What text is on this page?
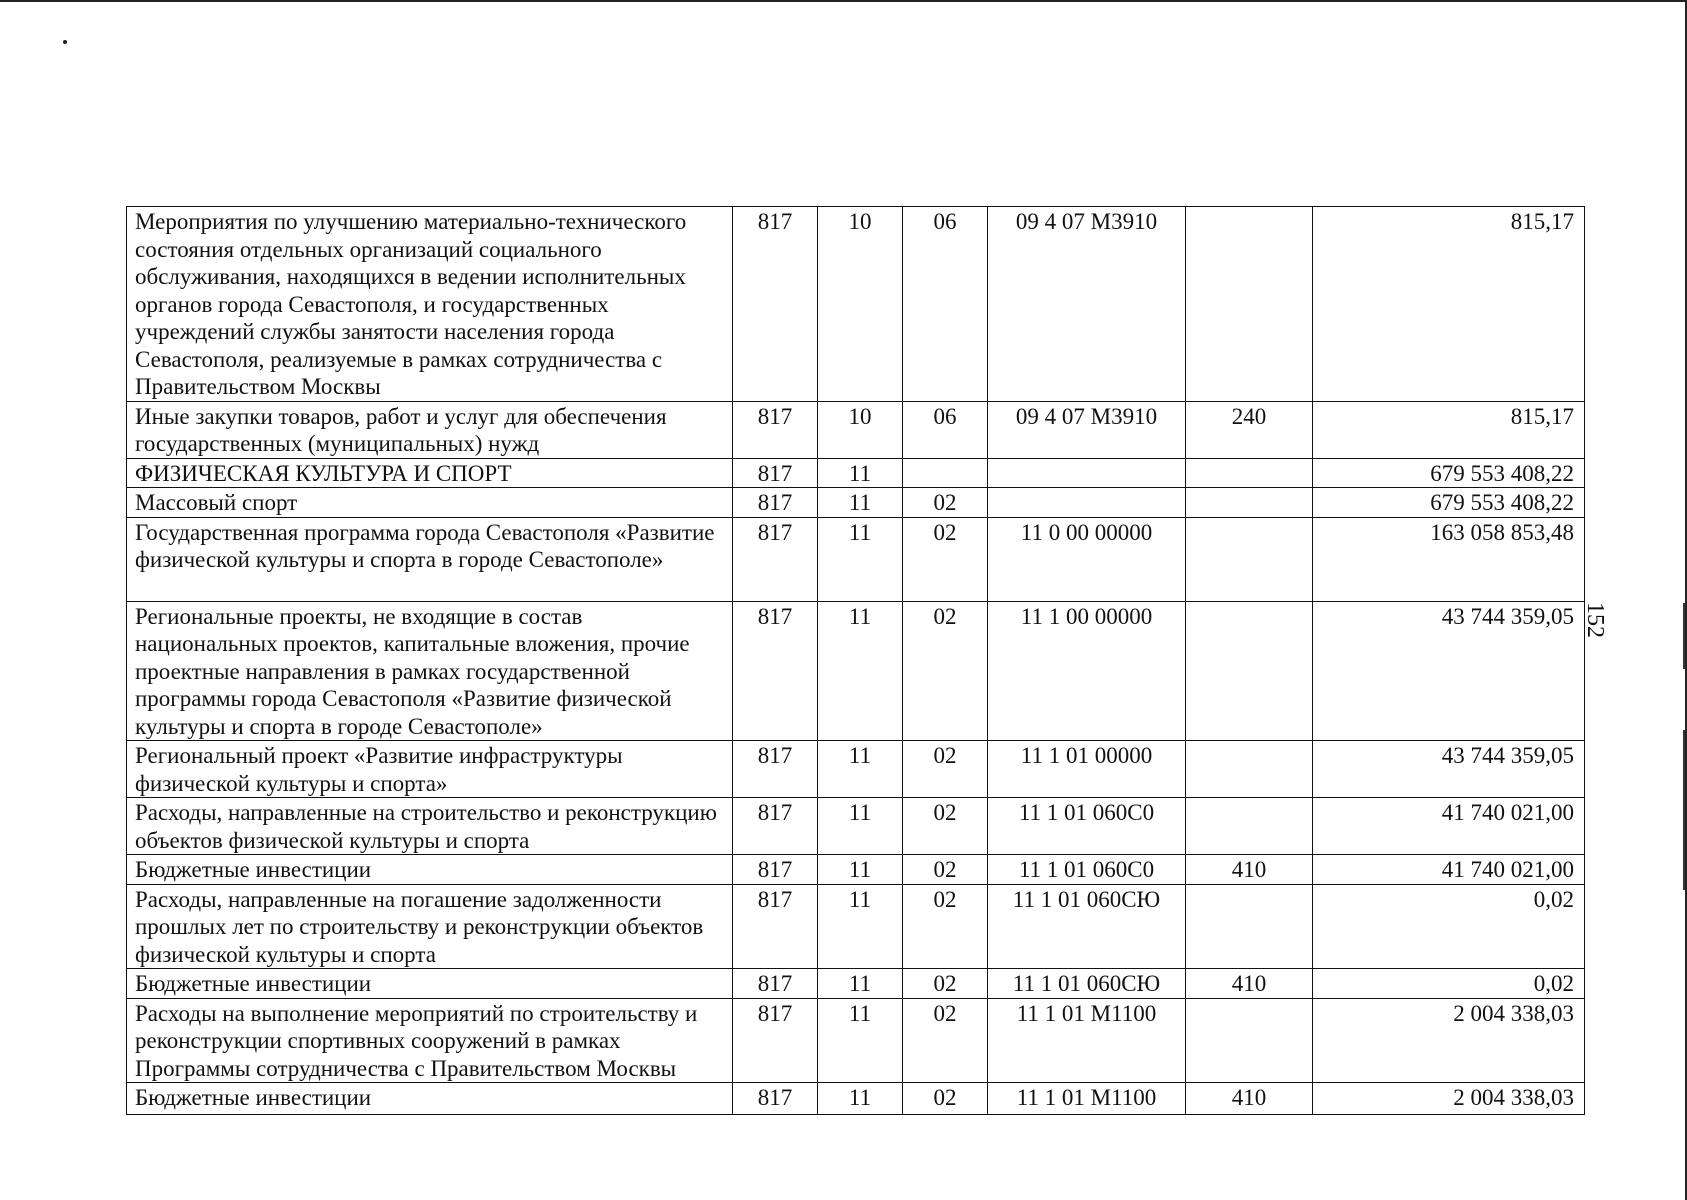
152
Мероприятия по улучшению материально-технического состояния отдельных организаций социального обслуживания, находящихся в ведении исполнительных органов города Севастополя, и государственных учреждений службы занятости населения города Севастополя, реализуемые в рамках сотрудничества с Правительством Москвы	817	10	06	09 4 07 M3910		815,17
Иные закупки товаров, работ и услуг для обеспечения государственных (муниципальных) нужд	817	10	06	09 4 07 M3910	240	815,17
ФИЗИЧЕСКАЯ КУЛЬТУРА И СПОРТ	817	11				679 553 408,22
Массовый спорт	817	11	02			679 553 408,22
Государственная программа города Севастополя «Развитие физической культуры и спорта в городе Севастополе»	817	11	02	11 0 00 00000		163 058 853,48
Региональные проекты, не входящие в состав национальных проектов, капитальные вложения, прочие проектные направления в рамках государственной программы города Севастополя «Развитие физической культуры и спорта в городе Севастополе»	817	11	02	11 1 00 00000		43 744 359,05
Региональный проект «Развитие инфраструктуры физической культуры и спорта»	817	11	02	11 1 01 00000		43 744 359,05
Расходы, направленные на строительство и реконструкцию объектов физической культуры и спорта	817	11	02	11 1 01 060C0		41 740 021,00
Бюджетные инвестиции	817	11	02	11 1 01 060C0	410	41 740 021,00
Расходы, направленные на погашение задолженности прошлых лет по строительству и реконструкции объектов физической культуры и спорта	817	11	02	11 1 01 060СЮ		0,02
Бюджетные инвестиции	817	11	02	11 1 01 060СЮ	410	0,02
Расходы на выполнение мероприятий по строительству и реконструкции спортивных сооружений в рамках Программы сотрудничества с Правительством Москвы	817	11	02	11 1 01 M1100		2 004 338,03
Бюджетные инвестиции	817	11	02	11 1 01 M1100	410	2 004 338,03
